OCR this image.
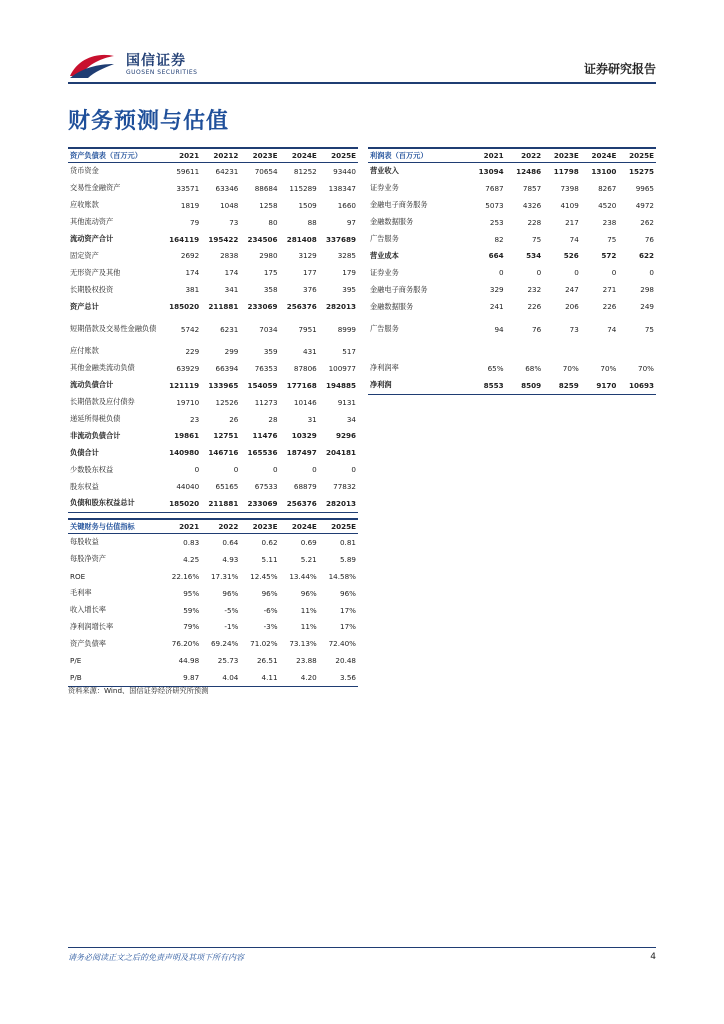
国信证券
GUOSEN SECURITIES	证券研究报告
财务预测与估值
资产负债表（百万元）	2021	20212	2023E	2024E	2025E
货币资金	59611	64231	70654	81252	93440
交易性金融资产	33571	63346	88684	115289	138347
应收账款	1819	1048	1258	1509	1660
其他流动资产	79	73	80	88	97
流动资产合计	164119	195422	234506	281408	337689
固定资产	2692	2838	2980	3129	3285
无形资产及其他	174	174	175	177	179
长期股权投资	381	341	358	376	395
资产总计	185020	211881	233069	256376	282013
短期借款及交易性金融负债	5742	6231	7034	7951	8999
应付账款	229	299	359	431	517
其他金融类流动负债	63929	66394	76353	87806	100977
流动负债合计	121119	133965	154059	177168	194885
长期借款及应付债券	19710	12526	11273	10146	9131
递延所得税负债	23	26	28	31	34
非流动负债合计	19861	12751	11476	10329	9296
负债合计	140980	146716	165536	187497	204181
少数股东权益	0	0	0	0	0
股东权益	44040	65165	67533	68879	77832
负债和股东权益总计	185020	211881	233069	256376	282013
利润表（百万元）	2021	2022	2023E	2024E	2025E
营业收入	13094	12486	11798	13100	15275
证券业务	7687	7857	7398	8267	9965
金融电子商务服务	5073	4326	4109	4520	4972
金融数据服务	253	228	217	238	262
广告服务	82	75	74	75	76
营业成本	664	534	526	572	622
证券业务	0	0	0	0	0
金融电子商务服务	329	232	247	271	298
金融数据服务	241	226	206	226	249
广告服务	94	76	73	74	75

净利润率	65%	68%	70%	70%	70%
净利润	8553	8509	8259	9170	10693
关键财务与估值指标	2021	2022	2023E	2024E	2025E
每股收益	0.83	0.64	0.62	0.69	0.81
每股净资产	4.25	4.93	5.11	5.21	5.89
ROE	22.16%	17.31%	12.45%	13.44%	14.58%
毛利率	95%	96%	96%	96%	96%
收入增长率	59%	-5%	-6%	11%	17%
净利润增长率	79%	-1%	-3%	11%	17%
资产负债率	76.20%	69.24%	71.02%	73.13%	72.40%
P/E	44.98	25.73	26.51	23.88	20.48
P/B	9.87	4.04	4.11	4.20	3.56
资料来源：Wind、国信证券经济研究所预测
请务必阅读正文之后的免责声明及其项下所有内容	4
